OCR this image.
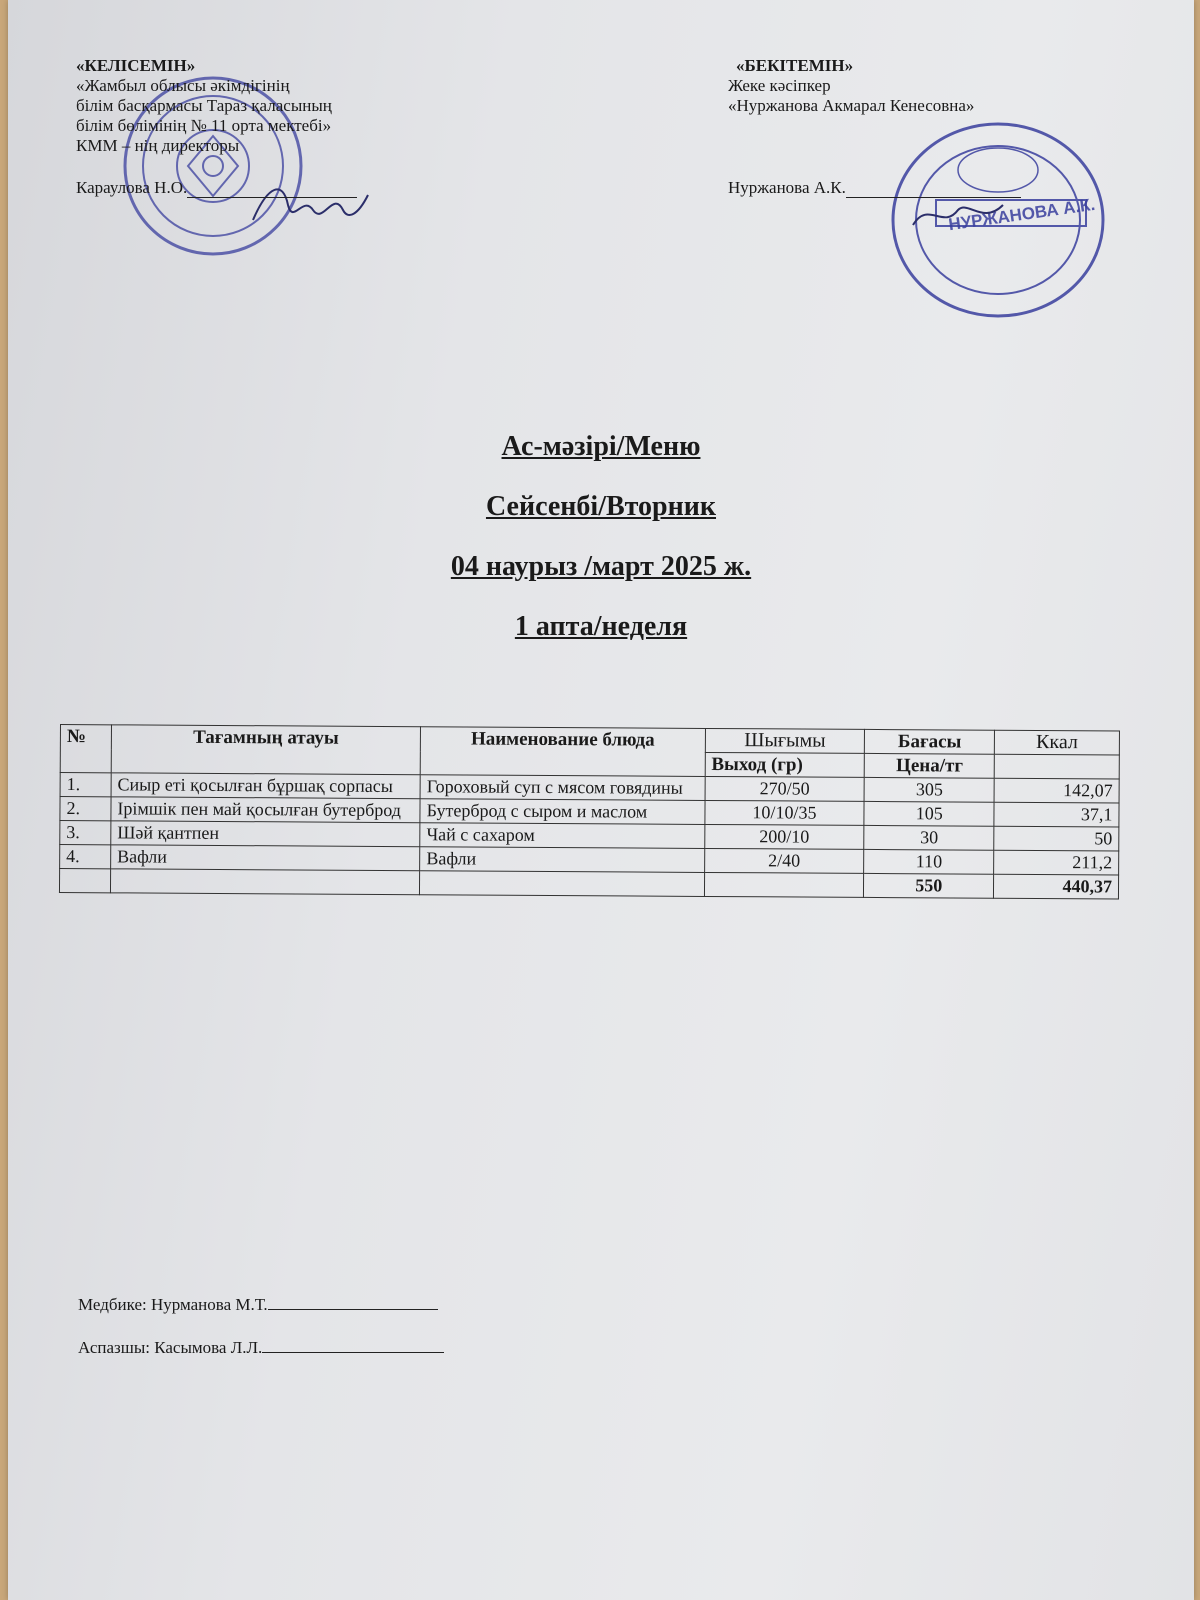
НУРЖАНОВА А.К.
«КЕЛІСЕМІН»
«Жамбыл облысы әкімдігінің
білім басқармасы Тараз қаласының
білім бөлімінің № 11 орта мектебі»
КММ – нің директоры
Караулова Н.О.
«БЕКІТЕМІН»
Жеке кәсіпкер
«Нуржанова Акмарал Кенесовна»
Нуржанова А.К.
Ас-мәзірі/Меню
Сейсенбі/Вторник
04 наурыз /март 2025 ж.
1 апта/неделя
№	Тағамның атауы	Наименование блюда	Шығымы	Бағасы	Ккал
			Выход (гр)	Цена/тг	
1.	Сиыр еті қосылған бұршақ сорпасы	Гороховый суп с мясом говядины	270/50	305	142,07
2.	Ірімшік пен май қосылған бутерброд	Бутерброд с сыром и маслом	10/10/35	105	37,1
3.	Шәй қантпен	Чай с сахаром	200/10	30	50
4.	Вафли	Вафли	2/40	110	211,2
				550	440,37
Медбике: Нурманова М.Т.
Аспазшы: Касымова Л.Л.
